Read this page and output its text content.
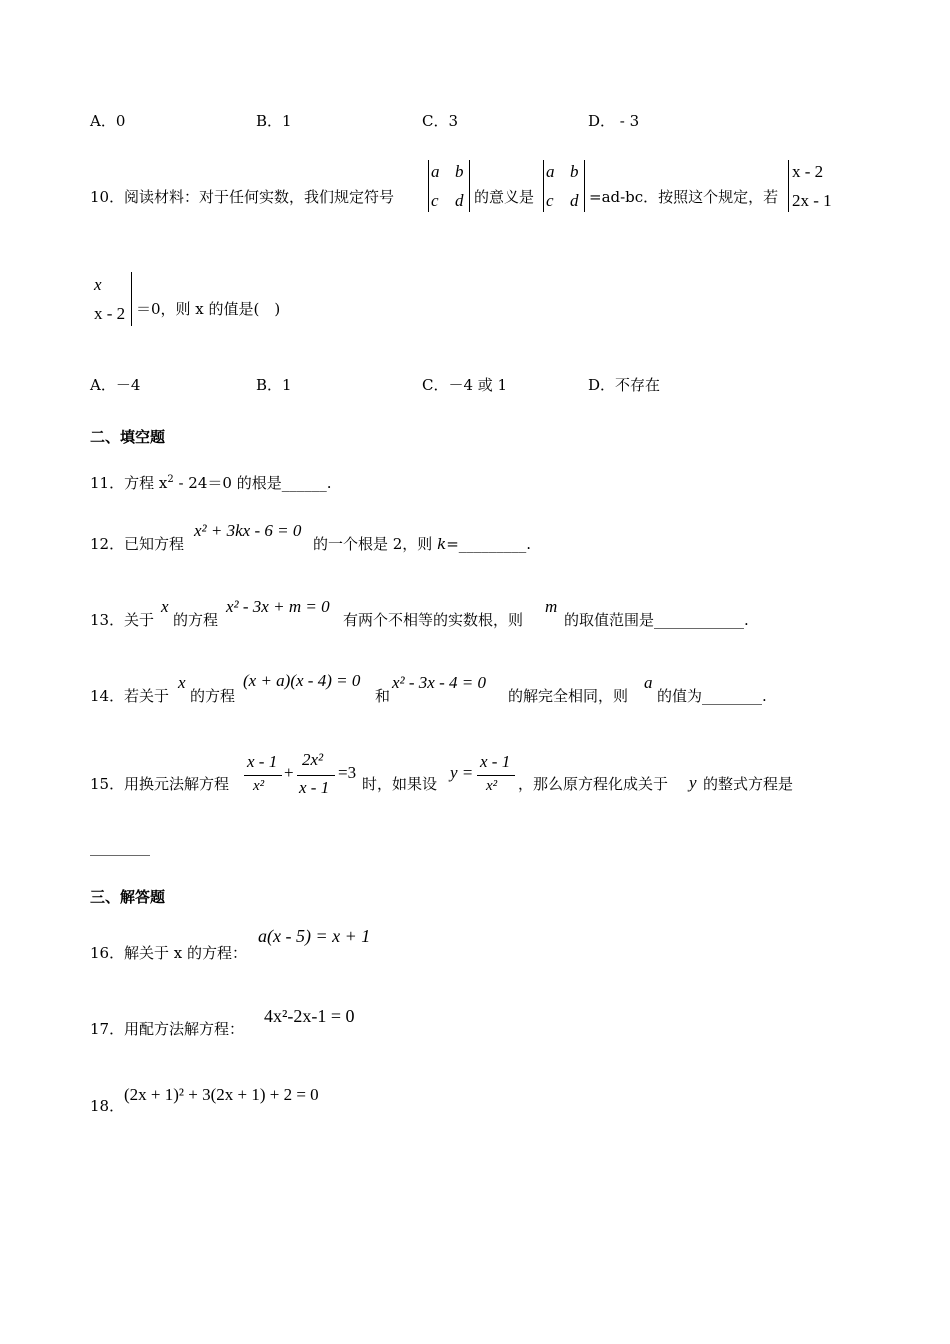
A．0	B．1	C．3	D． - 3
10． 阅读材料：对于任何实数，我们规定符号
a b
c d 的意义是
a b
c d =ad-bc．按照这个规定，若
x - 2
2x - 1
x
x - 2 ＝0，则 x 的值是(　)
A．－4	B．1	C．－4 或 1	D．不存在
二、填空题
11．方程 $x^2 - 24=0$ 的根是______.
12． 已知方程
x² + 3kx - 6 = 0
的一个根是 2，则 k=_________.
13． 关于
x
的方程
x² - 3x + m = 0
有两个不相等的实数根，则
m
的取值范围是____________.
14． 若关于
x
的方程
(x + a)(x - 4) = 0
和
x² - 3x - 4 = 0
的解完全相同，则
a
的值为________.
15． 用换元法解方程
x - 1
x²
+
2x²
x - 1
=3
时，如果设
y =
x - 1
x² ，那么原方程化成关于 y 的整式方程是
________
三、解答题
16． 解关于 x 的方程：
a(x - 5) = x + 1
17． 用配方法解方程：
4x²-2x-1 = 0
18．
(2x + 1)² + 3(2x + 1) + 2 = 0
